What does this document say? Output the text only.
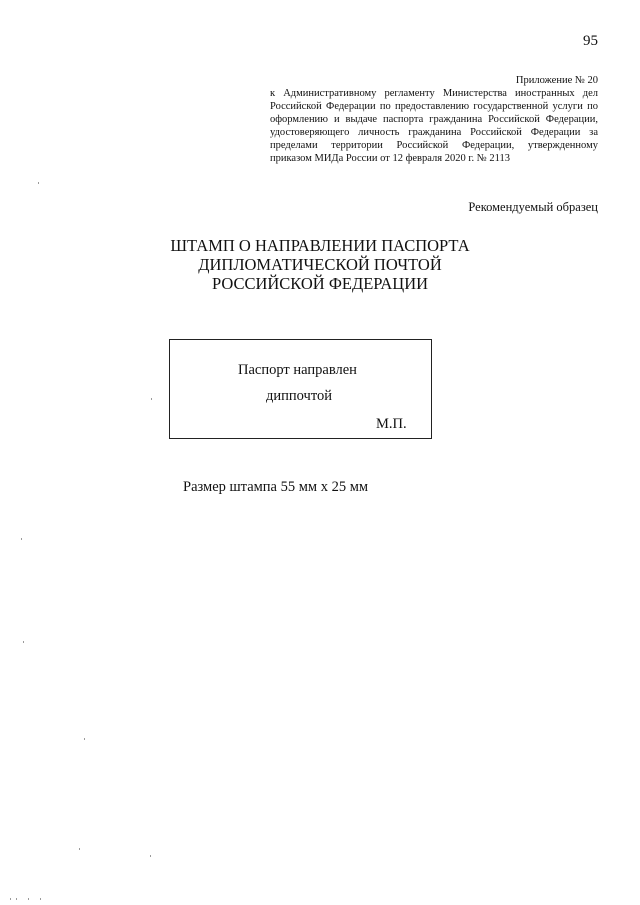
95
Приложение № 20
к Административному регламенту Министерства иностранных дел
Российской Федерации по предоставлению государственной услуги по
оформлению и выдаче паспорта гражданина Российской Федерации,
удостоверяющего личность гражданина Российской Федерации за
пределами территории Российской Федерации, утвержденному
приказом МИДа России от 12 февраля 2020 г. № 2113
Рекомендуемый образец
ШТАМП О НАПРАВЛЕНИИ ПАСПОРТА
ДИПЛОМАТИЧЕСКОЙ ПОЧТОЙ
РОССИЙСКОЙ ФЕДЕРАЦИИ
Паспорт направлен
диппочтой
М.П.
Размер штампа 55 мм x 25 мм
